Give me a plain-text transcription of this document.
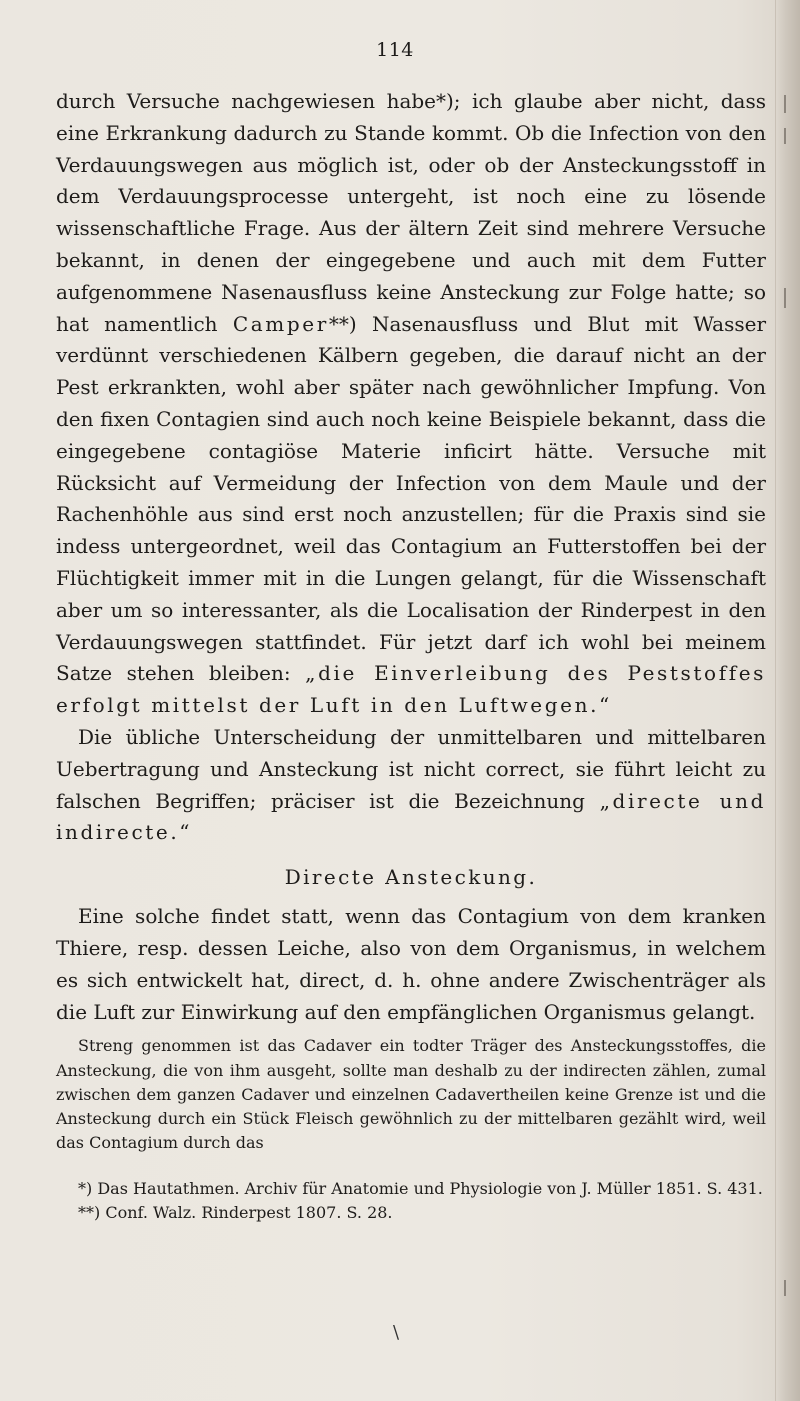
114

durch Versuche nachgewiesen habe*); ich glaube aber nicht, dass eine Erkrankung dadurch zu Stande kommt. Ob die Infection von den Verdauungswegen aus möglich ist, oder ob der Ansteckungsstoff in dem Verdauungsprocesse untergeht, ist noch eine zu lösende wissenschaftliche Frage. Aus der ältern Zeit sind mehrere Versuche bekannt, in denen der eingegebene und auch mit dem Futter aufgenommene Nasenausfluss keine Ansteckung zur Folge hatte; so hat namentlich Camper**) Nasenausfluss und Blut mit Wasser verdünnt verschiedenen Kälbern gegeben, die darauf nicht an der Pest erkrankten, wohl aber später nach gewöhnlicher Impfung. Von den fixen Contagien sind auch noch keine Beispiele bekannt, dass die eingegebene contagiöse Materie inficirt hätte. Versuche mit Rücksicht auf Vermeidung der Infection von dem Maule und der Rachenhöhle aus sind erst noch anzustellen; für die Praxis sind sie indess untergeordnet, weil das Contagium an Futterstoffen bei der Flüchtigkeit immer mit in die Lungen gelangt, für die Wissenschaft aber um so interessanter, als die Localisation der Rinderpest in den Verdauungswegen stattfindet. Für jetzt darf ich wohl bei meinem Satze stehen bleiben: „die Einverleibung des Peststoffes erfolgt mittelst der Luft in den Luftwegen.“

Die übliche Unterscheidung der unmittelbaren und mittelbaren Uebertragung und Ansteckung ist nicht correct, sie führt leicht zu falschen Begriffen; präciser ist die Bezeichnung „directe und indirecte.“

Directe Ansteckung.

Eine solche findet statt, wenn das Contagium von dem kranken Thiere, resp. dessen Leiche, also von dem Organismus, in welchem es sich entwickelt hat, direct, d. h. ohne andere Zwischenträger als die Luft zur Einwirkung auf den empfänglichen Organismus gelangt.

Streng genommen ist das Cadaver ein todter Träger des Ansteckungsstoffes, die Ansteckung, die von ihm ausgeht, sollte man deshalb zu der indirecten zählen, zumal zwischen dem ganzen Cadaver und einzelnen Cadavertheilen keine Grenze ist und die Ansteckung durch ein Stück Fleisch gewöhnlich zu der mittelbaren gezählt wird, weil das Contagium durch das

*) Das Hautathmen. Archiv für Anatomie und Physiologie von J. Müller 1851. S. 431.

**) Conf. Walz. Rinderpest 1807. S. 28.

\
